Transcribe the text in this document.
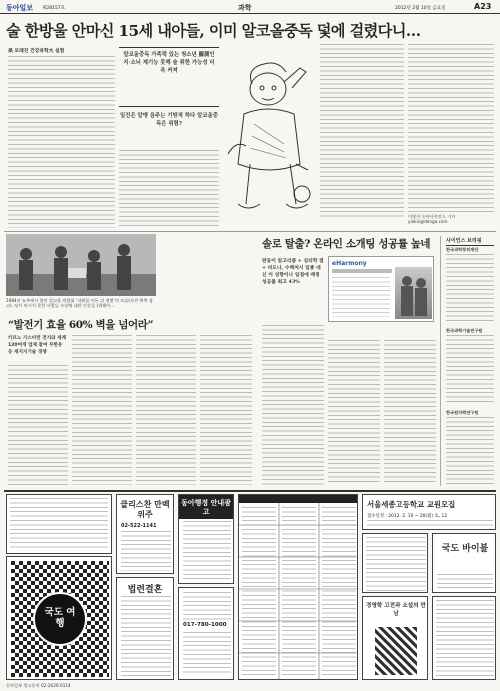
동아일보 제28157호	과학	2012년 2월 10일 금요일	A23
술 한방울 안마신 15세 내아들, 이미 알코올중독 덫에 걸렸다니…
美 모레진 건강과학大 실험
알코올중독 가족력 있는 청소년 羅測인지·소뇌 제기능 못해 술 취한 가능성 더욱 커져
일진은 알맹 음주는 기방적 하다 알코올중독은 위험?
이영이 동아사이언스 기자 yiokis@donga.com
1984년 뉴욕에서 열린 알코올 박람회 ‘파워풀 이든 뒤 정면’의 모습(사진 왼쪽 참고). 당시 마시지 못한 사람들 수상에 대한 인상들 (위해아...
“발전기 효율 60% 벽을 넘어라”
카르노 가스비런 전지와 세계 120여개 업체 참여 무한유 등 세지지기술 경쟁
솔로 탈출? 온라인 소개팅 성공률 높네
판동이 알고리즘 + 심리학 접 + 비도나, 수백여시 일종 대신 이 성향이나 일점에 배정성공률 최고 43%
eHarmony
사이언스 브리핑
한국과학창의재단
한국과학기술연구원
한국원자력연구원
국도 여행
클리스찬 만백위주
02-522-1141
법련결혼
동아행정 안내광고
017-780-1000
서울세종고등학교 교원모집
접수일정 : 2012. 2. 10 ~ 20(월) 토, 12
국도 바이블
경영학 고전과 소설의 만남
동아일보 광고문의 02-2020-0114
